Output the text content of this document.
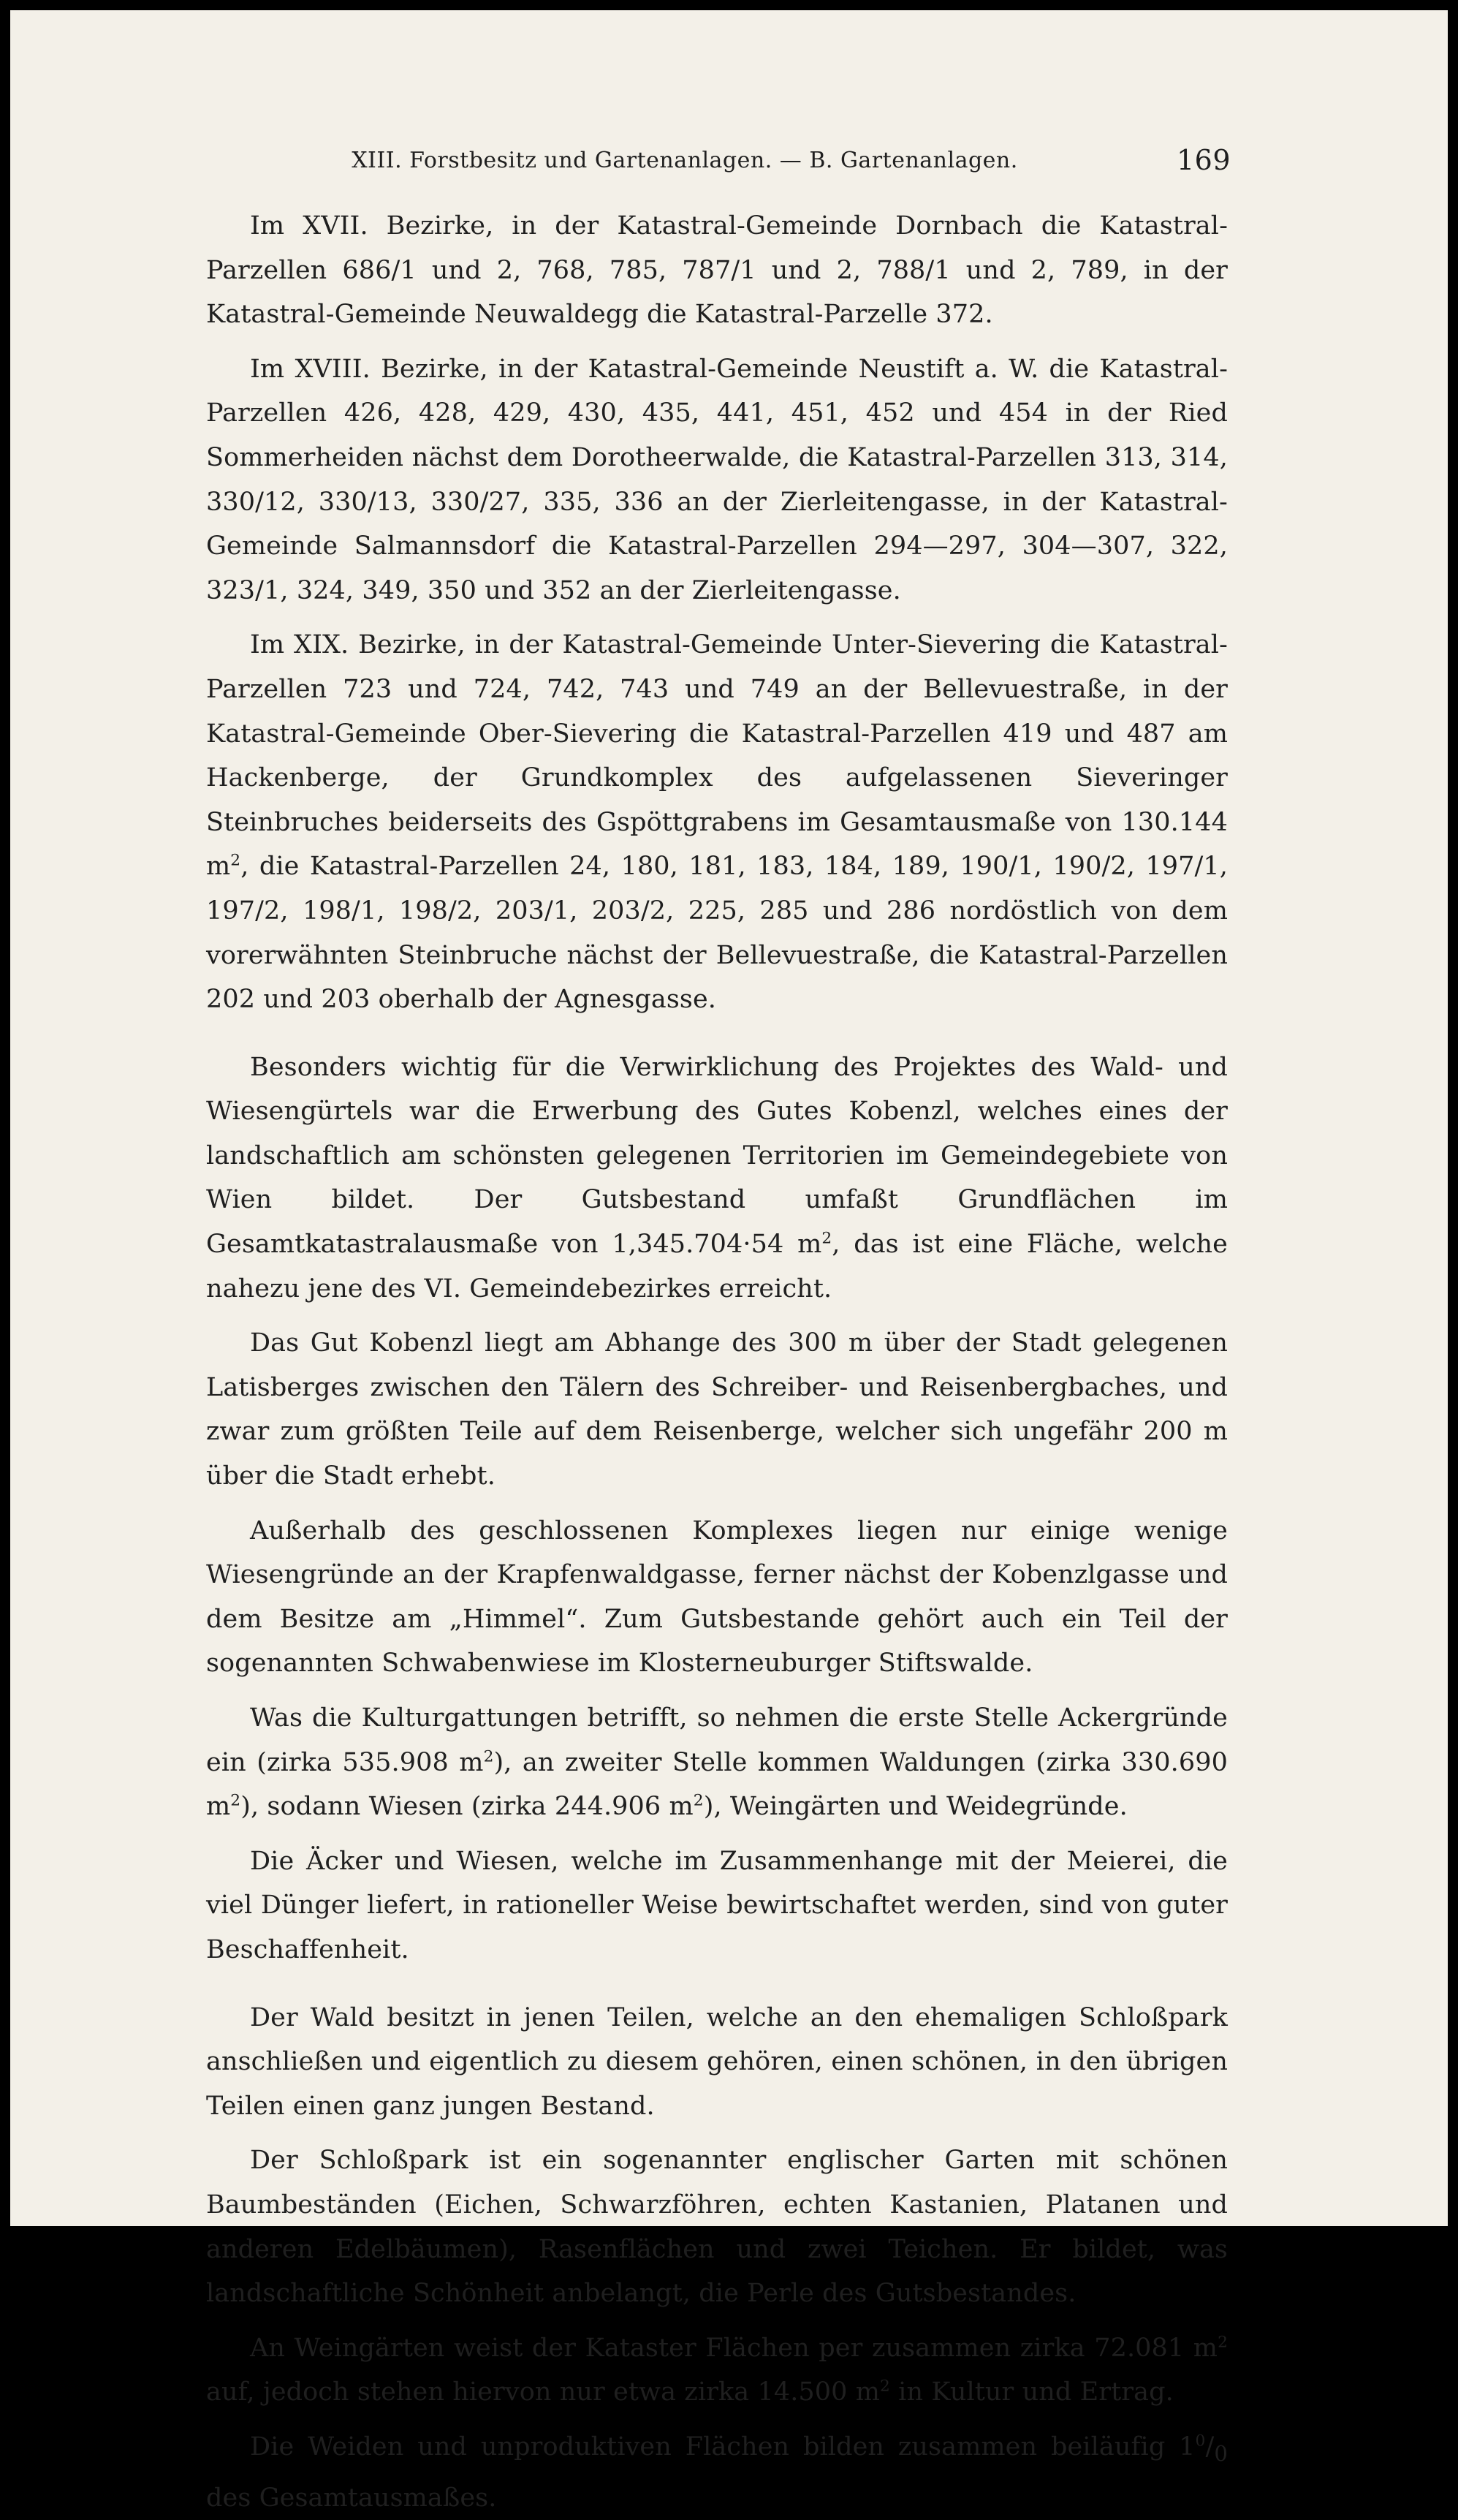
XIII. Forstbesitz und Gartenanlagen. — B. Gartenanlagen.	169

Im XVII. Bezirke, in der Katastral-Gemeinde Dornbach die Katastral-Parzellen 686/1 und 2, 768, 785, 787/1 und 2, 788/1 und 2, 789, in der Katastral-Gemeinde Neuwaldegg die Katastral-Parzelle 372.

Im XVIII. Bezirke, in der Katastral-Gemeinde Neustift a. W. die Katastral-Parzellen 426, 428, 429, 430, 435, 441, 451, 452 und 454 in der Ried Sommerheiden nächst dem Dorotheerwalde, die Katastral-Parzellen 313, 314, 330/12, 330/13, 330/27, 335, 336 an der Zierleitengasse, in der Katastral-Gemeinde Salmannsdorf die Katastral-Parzellen 294—297, 304—307, 322, 323/1, 324, 349, 350 und 352 an der Zierleitengasse.

Im XIX. Bezirke, in der Katastral-Gemeinde Unter-Sievering die Katastral-Parzellen 723 und 724, 742, 743 und 749 an der Bellevuestraße, in der Katastral-Gemeinde Ober-Sievering die Katastral-Parzellen 419 und 487 am Hackenberge, der Grundkomplex des aufgelassenen Sieveringer Steinbruches beiderseits des Gspöttgrabens im Gesamtausmaße von 130.144 $m^2$, die Katastral-Parzellen 24, 180, 181, 183, 184, 189, 190/1, 190/2, 197/1, 197/2, 198/1, 198/2, 203/1, 203/2, 225, 285 und 286 nordöstlich von dem vorerwähnten Steinbruche nächst der Bellevuestraße, die Katastral-Parzellen 202 und 203 oberhalb der Agnesgasse.

Besonders wichtig für die Verwirklichung des Projektes des Wald- und Wiesengürtels war die Erwerbung des Gutes Kobenzl, welches eines der landschaftlich am schönsten gelegenen Territorien im Gemeindegebiete von Wien bildet. Der Gutsbestand umfaßt Grundflächen im Gesamtkatastralausmaße von 1,345.704·54 $m^2$, das ist eine Fläche, welche nahezu jene des VI. Gemeindebezirkes erreicht.

Das Gut Kobenzl liegt am Abhange des 300 m über der Stadt gelegenen Latisberges zwischen den Tälern des Schreiber- und Reisenbergbaches, und zwar zum größten Teile auf dem Reisenberge, welcher sich ungefähr 200 m über die Stadt erhebt.

Außerhalb des geschlossenen Komplexes liegen nur einige wenige Wiesengründe an der Krapfenwaldgasse, ferner nächst der Kobenzlgasse und dem Besitze am „Himmel“. Zum Gutsbestande gehört auch ein Teil der sogenannten Schwabenwiese im Klosterneuburger Stiftswalde.

Was die Kulturgattungen betrifft, so nehmen die erste Stelle Ackergründe ein (zirka 535.908 $m^2$), an zweiter Stelle kommen Waldungen (zirka 330.690 $m^2$), sodann Wiesen (zirka 244.906 $m^2$), Weingärten und Weidegründe.

Die Äcker und Wiesen, welche im Zusammenhange mit der Meierei, die viel Dünger liefert, in rationeller Weise bewirtschaftet werden, sind von guter Beschaffenheit.

Der Wald besitzt in jenen Teilen, welche an den ehemaligen Schloßpark anschließen und eigentlich zu diesem gehören, einen schönen, in den übrigen Teilen einen ganz jungen Bestand.

Der Schloßpark ist ein sogenannter englischer Garten mit schönen Baumbeständen (Eichen, Schwarzföhren, echten Kastanien, Platanen und anderen Edelbäumen), Rasenflächen und zwei Teichen. Er bildet, was landschaftliche Schönheit anbelangt, die Perle des Gutsbestandes.

An Weingärten weist der Kataster Flächen per zusammen zirka 72.081 $m^2$ auf, jedoch stehen hiervon nur etwa zirka 14.500 $m^2$ in Kultur und Ertrag.

Die Weiden und unproduktiven Flächen bilden zusammen beiläufig $1^0/_0$ des Gesamtausmaßes.
